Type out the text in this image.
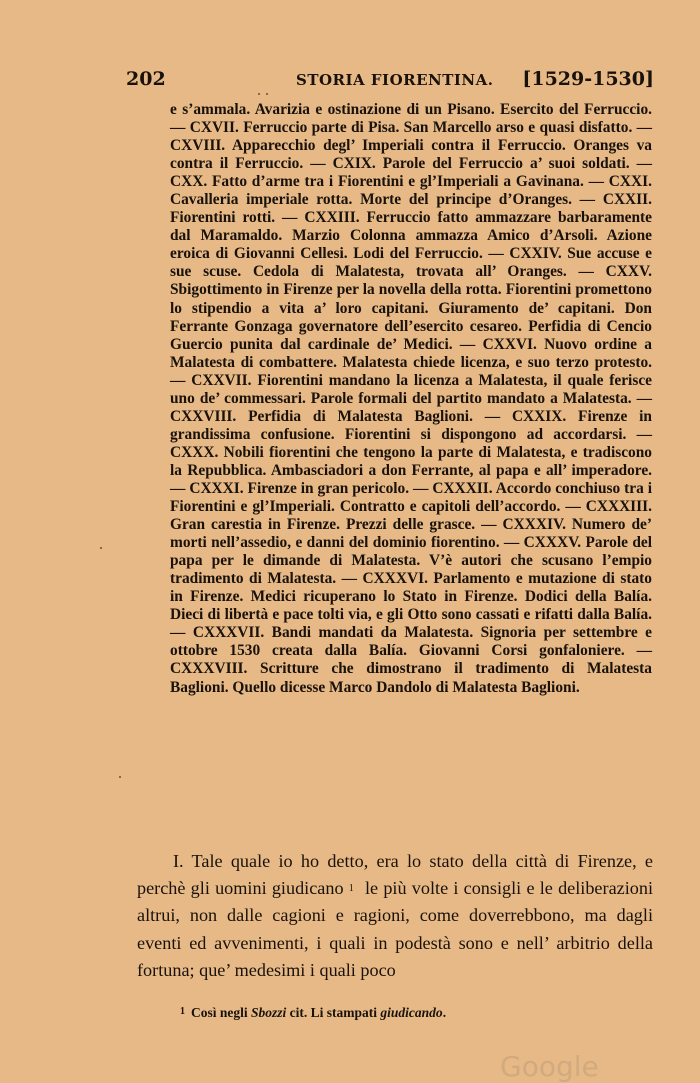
202	STORIA FIORENTINA. [1529-1530]

e s’ammala. Avarizia e ostinazione di un Pisano. Esercito del Ferruccio. — CXVII. Ferruccio parte di Pisa. San Marcello arso e quasi disfatto. — CXVIII. Apparecchio degl’ Imperiali contra il Ferruccio. Oranges va contra il Ferruccio. — CXIX. Parole del Ferruccio a’ suoi soldati. — CXX. Fatto d’arme tra i Fiorentini e gl’Imperiali a Gavinana. — CXXI. Cavalleria imperiale rotta. Morte del principe d’Oranges. — CXXII. Fiorentini rotti. — CXXIII. Ferruccio fatto ammazzare barbaramente dal Maramaldo. Marzio Colonna ammazza Amico d’Arsoli. Azione eroica di Giovanni Cellesi. Lodi del Ferruccio. — CXXIV. Sue accuse e sue scuse. Cedola di Malatesta, trovata all’ Oranges. — CXXV. Sbigottimento in Firenze per la novella della rotta. Fiorentini promettono lo stipendio a vita a’ loro capitani. Giuramento de’ capitani. Don Ferrante Gonzaga governatore dell’esercito cesareo. Perfidia di Cencio Guercio punita dal cardinale de’ Medici. — CXXVI. Nuovo ordine a Malatesta di combattere. Malatesta chiede licenza, e suo terzo protesto. — CXXVII. Fiorentini mandano la licenza a Malatesta, il quale ferisce uno de’ commessari. Parole formali del partito mandato a Malatesta. — CXXVIII. Perfidia di Malatesta Baglioni. — CXXIX. Firenze in grandissima confusione. Fiorentini si dispongono ad accordarsi. — CXXX. Nobili fiorentini che tengono la parte di Malatesta, e tradiscono la Repubblica. Ambasciadori a don Ferrante, al papa e all’ imperadore. — CXXXI. Firenze in gran pericolo. — CXXXII. Accordo conchiuso tra i Fiorentini e gl’Imperiali. Contratto e capitoli dell’accordo. — CXXXIII. Gran carestia in Firenze. Prezzi delle grasce. — CXXXIV. Numero de’ morti nell’assedio, e danni del dominio fiorentino. — CXXXV. Parole del papa per le dimande di Malatesta. V’è autori che scusano l’empio tradimento di Malatesta. — CXXXVI. Parlamento e mutazione di stato in Firenze. Medici ricuperano lo Stato in Firenze. Dodici della Balía. Dieci di libertà e pace tolti via, e gli Otto sono cassati e rifatti dalla Balía. — CXXXVII. Bandi mandati da Malatesta. Signoria per settembre e ottobre 1530 creata dalla Balía. Giovanni Corsi gonfaloniere. — CXXXVIII. Scritture che dimostrano il tradimento di Malatesta Baglioni. Quello dicesse Marco Dandolo di Malatesta Baglioni.

I. Tale quale io ho detto, era lo stato della città di Firenze, e perchè gli uomini giudicano $^1$ le più volte i consigli e le deliberazioni altrui, non dalle cagioni e ragioni, come doverrebbono, ma dagli eventi ed avvenimenti, i quali in podestà sono e nell’ arbitrio della fortuna; que’ medesimi i quali poco

$^1$ Così negli Sbozzi cit. Li stampati giudicando.

Google
